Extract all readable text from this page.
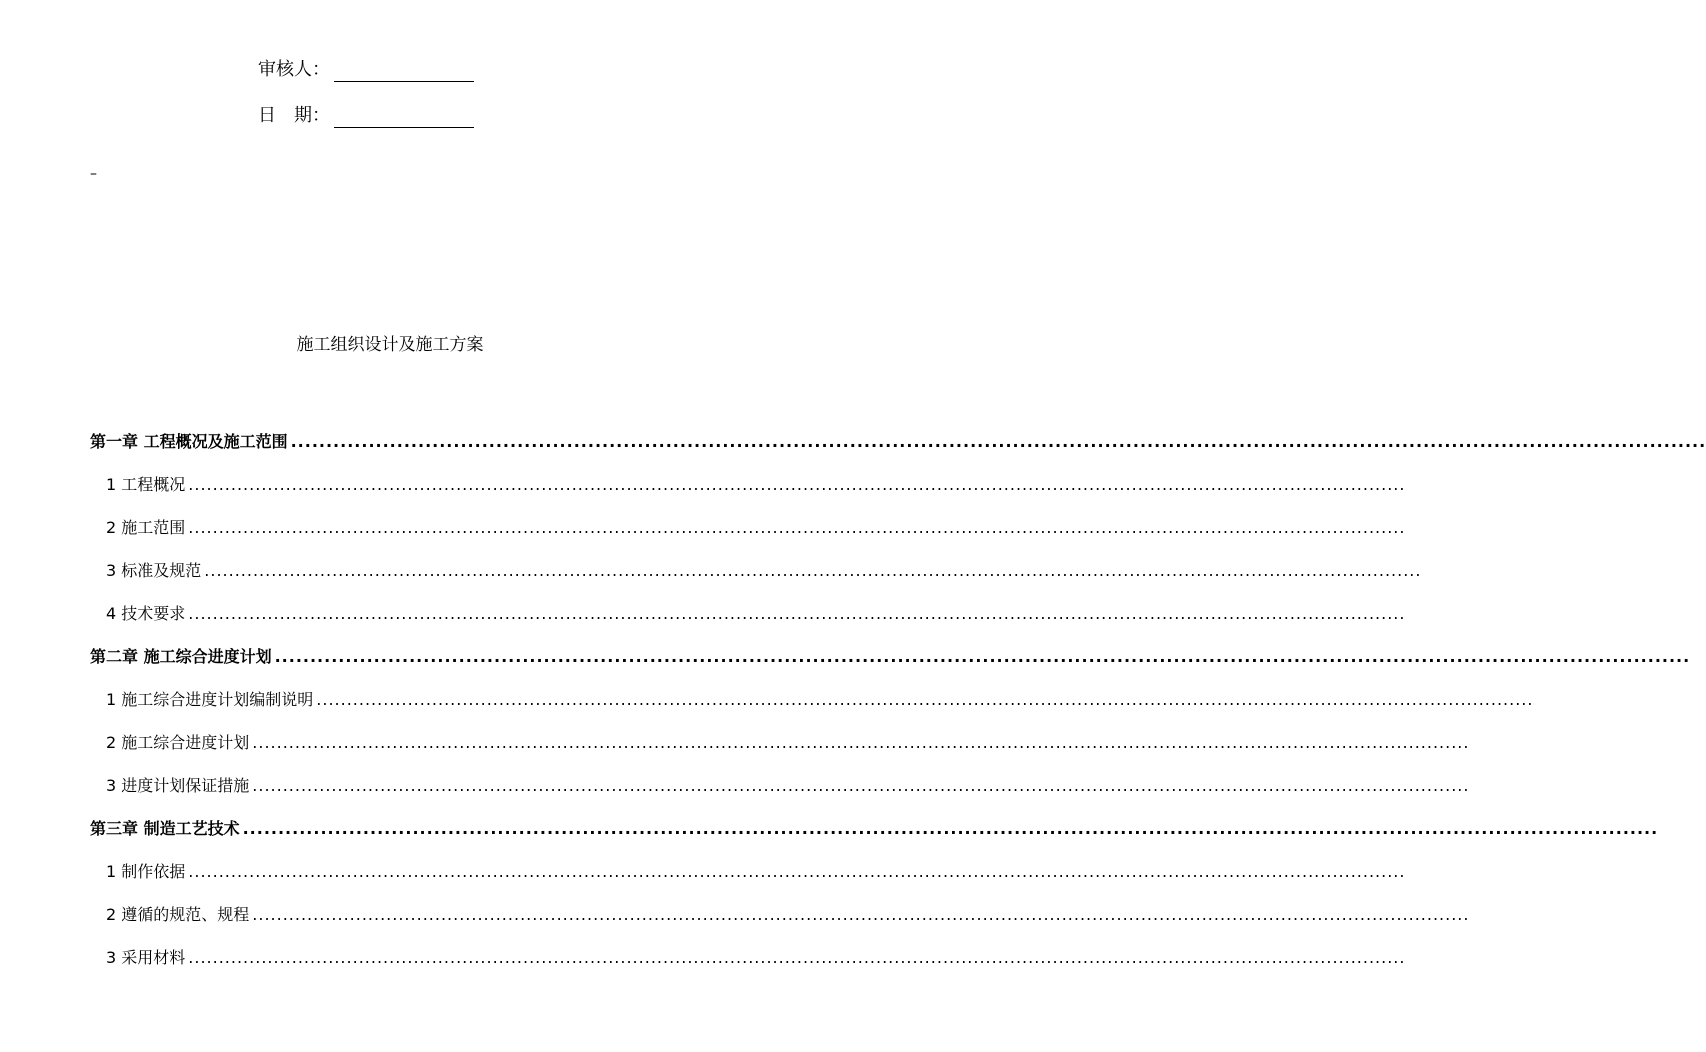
审核人：
日　期：
–
施工组织设计及施工方案
第一章 工程概况及施工范围 ........................................................................................................................................................................................................
1 工程概况 ........................................................................................................................................................................................................
2 施工范围 ........................................................................................................................................................................................................
3 标准及规范 ........................................................................................................................................................................................................
4 技术要求 ........................................................................................................................................................................................................
第二章 施工综合进度计划 ........................................................................................................................................................................................................
1 施工综合进度计划编制说明 ........................................................................................................................................................................................................
2 施工综合进度计划 ........................................................................................................................................................................................................
3 进度计划保证措施 ........................................................................................................................................................................................................
第三章 制造工艺技术 ........................................................................................................................................................................................................
1 制作依据 ........................................................................................................................................................................................................
2 遵循的规范、规程 ........................................................................................................................................................................................................
3 采用材料 ........................................................................................................................................................................................................
